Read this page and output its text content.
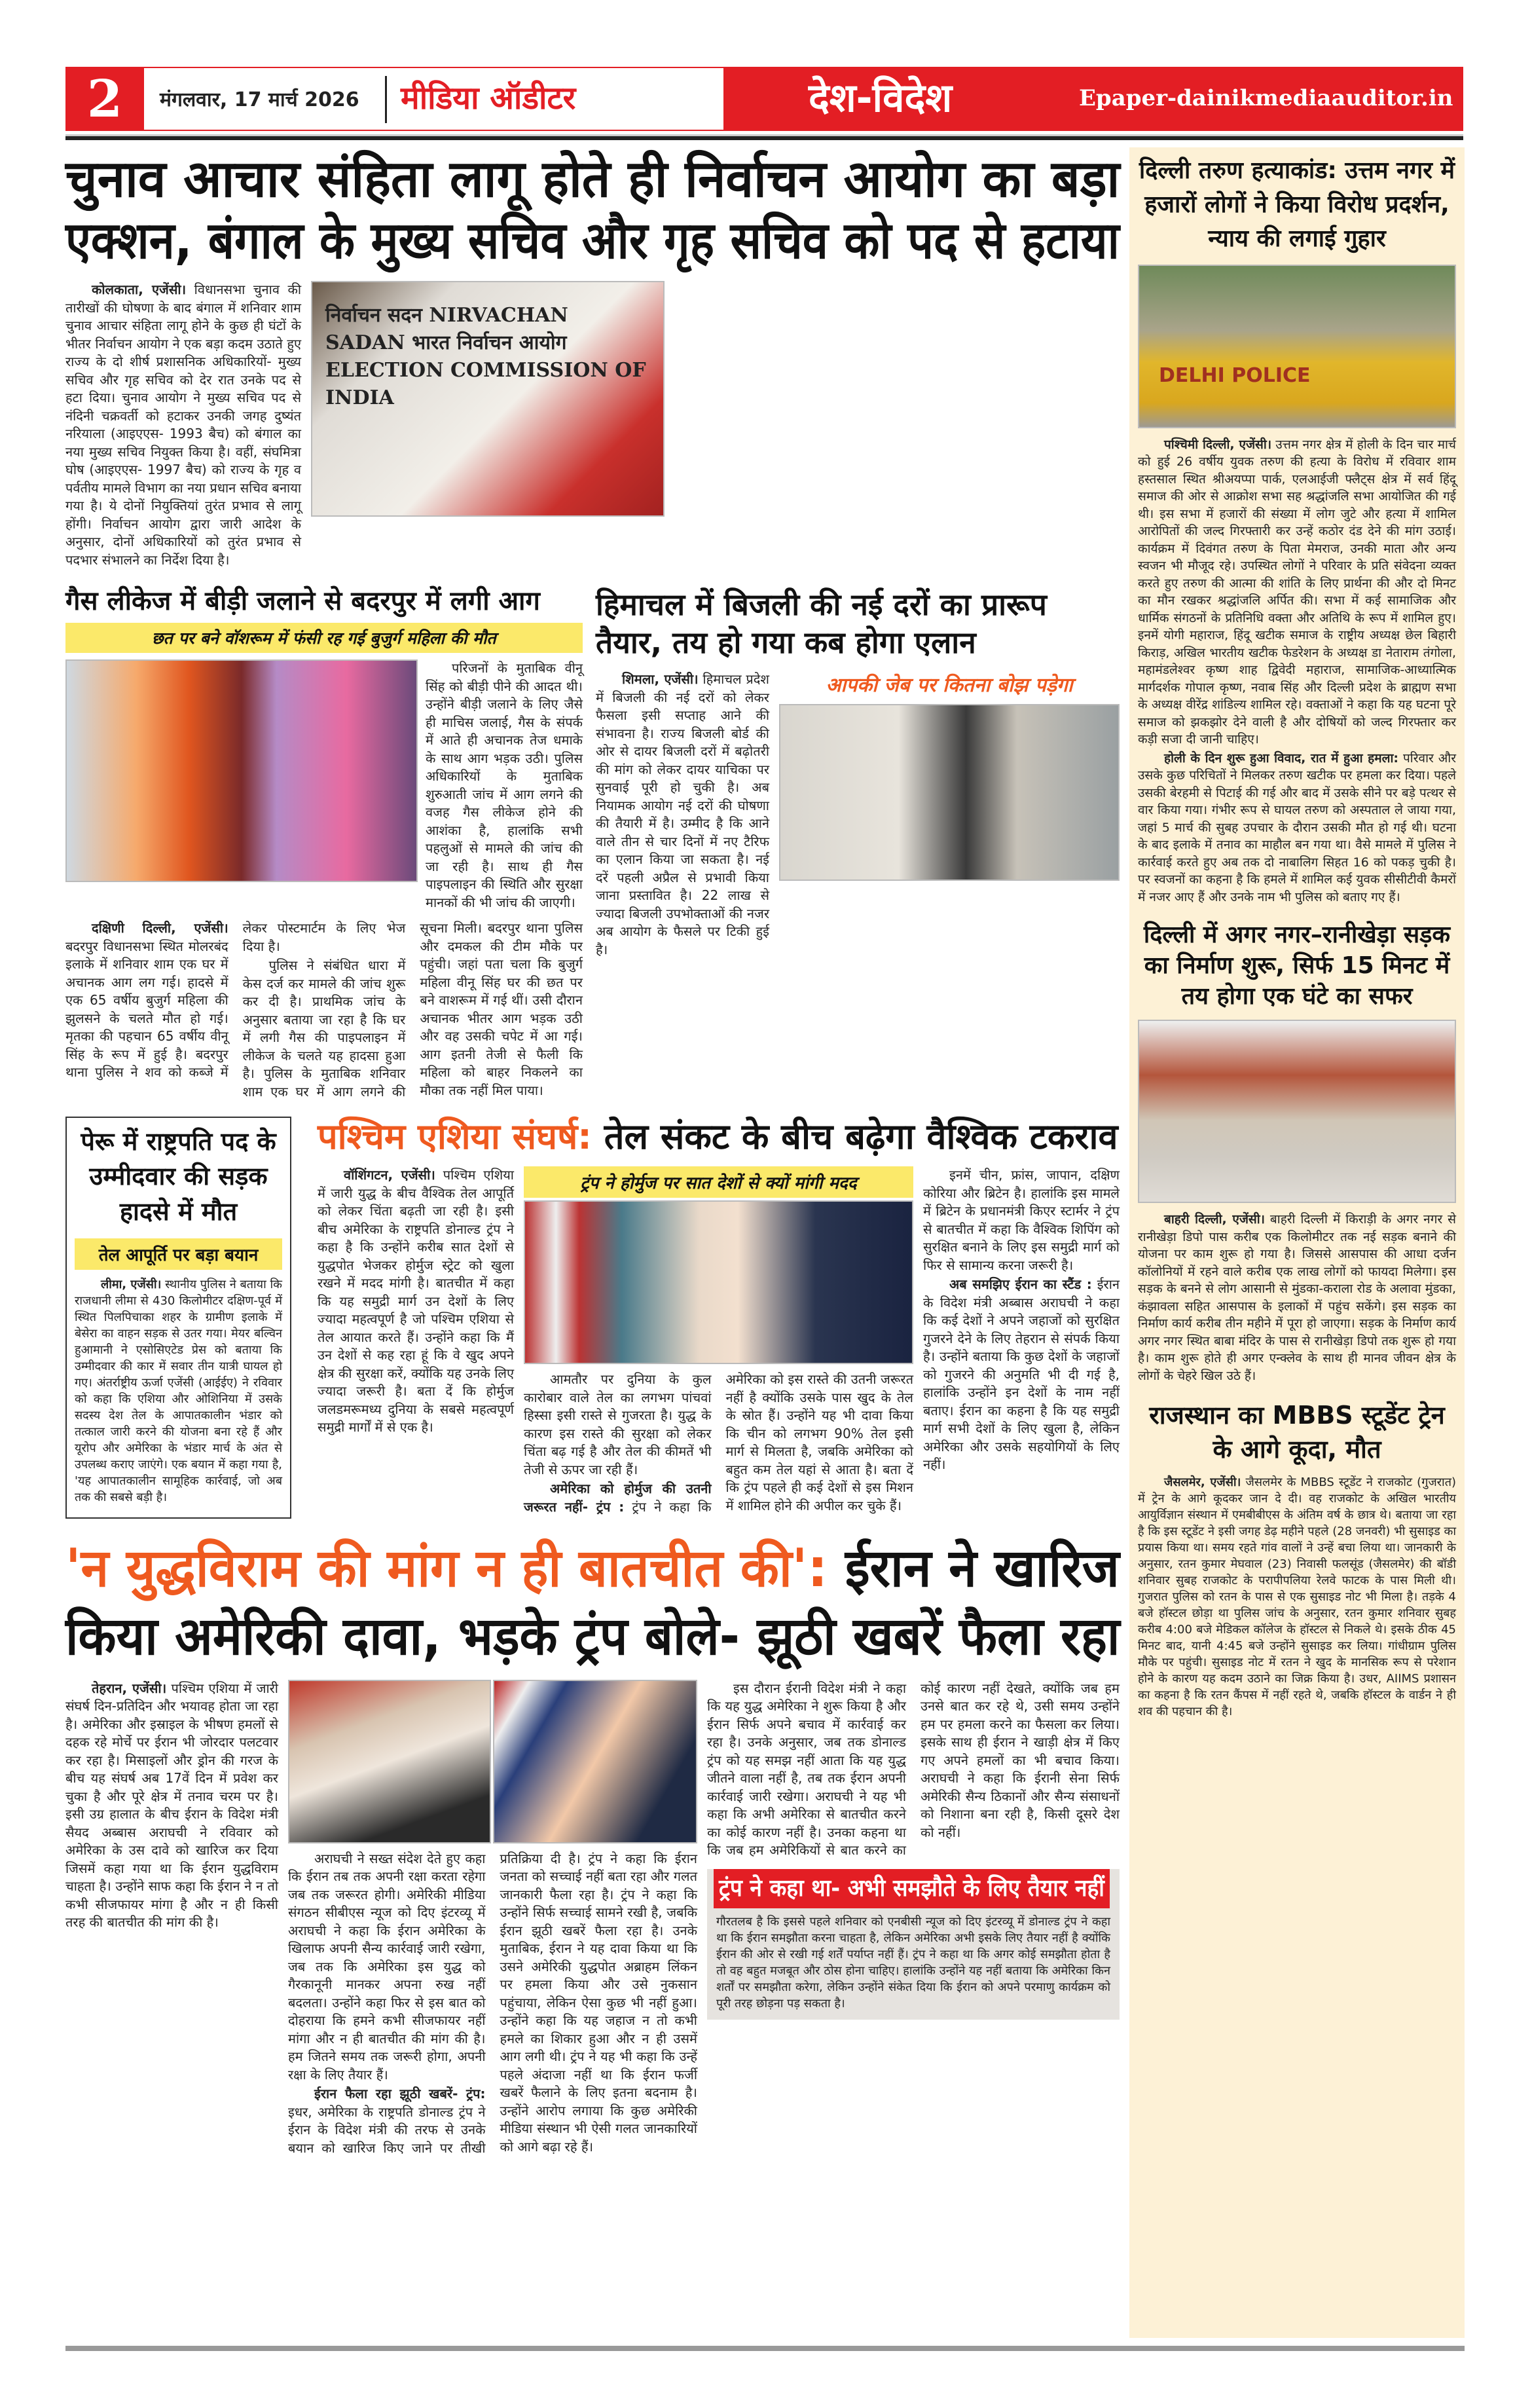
2	मंगलवार, 17 मार्च 2026	मीडिया ऑडीटर	देश-विदेश	Epaper-dainikmediaauditor.in
चुनाव आचार संहिता लागू होते ही निर्वाचन आयोग का बड़ा
एक्शन, बंगाल के मुख्य सचिव और गृह सचिव को पद से हटाया

कोलकाता, एजेंसी। विधानसभा चुनाव की तारीखों की घोषणा के बाद बंगाल में शनिवार शाम चुनाव आचार संहिता लागू होने के कुछ ही घंटों के भीतर निर्वाचन आयोग ने एक बड़ा कदम उठाते हुए राज्य के दो शीर्ष प्रशासनिक अधिकारियों- मुख्य सचिव और गृह सचिव को देर रात उनके पद से हटा दिया। चुनाव आयोग ने मुख्य सचिव पद से नंदिनी चक्रवर्ती को हटाकर उनकी जगह दुष्यंत नरियाला (आइएएस- 1993 बैच) को बंगाल का नया मुख्य सचिव नियुक्त किया है। वहीं, संघमित्रा घोष (आइएएस- 1997 बैच) को राज्य के गृह व पर्वतीय मामले विभाग का नया प्रधान सचिव बनाया गया है। ये दोनों नियुक्तियां तुरंत प्रभाव से लागू होंगी। निर्वाचन आयोग द्वारा जारी आदेश के अनुसार, दोनों अधिकारियों को तुरंत प्रभाव से पदभार संभालने का निर्देश दिया है।

निर्वाचन सदन NIRVACHAN SADAN भारत निर्वाचन आयोग ELECTION COMMISSION OF INDIA
गैस लीकेज में बीड़ी जलाने से बदरपुर में लगी आग
छत पर बने वॉशरूम में फंसी रह गई बुजुर्ग महिला की मौत

परिजनों के मुताबिक वीनू सिंह को बीड़ी पीने की आदत थी। उन्होंने बीड़ी जलाने के लिए जैसे ही माचिस जलाई, गैस के संपर्क में आते ही अचानक तेज धमाके के साथ आग भड़क उठी। पुलिस अधिकारियों के मुताबिक शुरुआती जांच में आग लगने की वजह गैस लीकेज होने की आशंका है, हालांकि सभी पहलुओं से मामले की जांच की जा रही है। साथ ही गैस पाइपलाइन की स्थिति और सुरक्षा मानकों की भी जांच की जाएगी।

दक्षिणी दिल्ली, एजेंसी। बदरपुर विधानसभा स्थित मोलरबंद इलाके में शनिवार शाम एक घर में अचानक आग लग गई। हादसे में एक 65 वर्षीय बुजुर्ग महिला की झुलसने के चलते मौत हो गई। मृतका की पहचान 65 वर्षीय वीनू सिंह के रूप में हुई है। बदरपुर थाना पुलिस ने शव को कब्जे में लेकर पोस्टमार्टम के लिए भेज दिया है।

पुलिस ने संबंधित धारा में केस दर्ज कर मामले की जांच शुरू कर दी है। प्राथमिक जांच के अनुसार बताया जा रहा है कि घर में लगी गैस की पाइपलाइन में लीकेज के चलते यह हादसा हुआ है। पुलिस के मुताबिक शनिवार शाम एक घर में आग लगने की सूचना मिली। बदरपुर थाना पुलिस और दमकल की टीम मौके पर पहुंची। जहां पता चला कि बुजुर्ग महिला वीनू सिंह घर की छत पर बने वाशरूम में गई थीं। उसी दौरान अचानक भीतर आग भड़क उठी और वह उसकी चपेट में आ गई। आग इतनी तेजी से फैली कि महिला को बाहर निकलने का मौका तक नहीं मिल पाया।

हिमाचल में बिजली की नई दरों का प्रारूप तैयार, तय हो गया कब होगा एलान

शिमला, एजेंसी। हिमाचल प्रदेश में बिजली की नई दरों को लेकर फैसला इसी सप्ताह आने की संभावना है। राज्य बिजली बोर्ड की ओर से दायर बिजली दरों में बढ़ोतरी की मांग को लेकर दायर याचिका पर सुनवाई पूरी हो चुकी है। अब नियामक आयोग नई दरों की घोषणा की तैयारी में है। उम्मीद है कि आने वाले तीन से चार दिनों में नए टैरिफ का एलान किया जा सकता है। नई दरें पहली अप्रैल से प्रभावी किया जाना प्रस्तावित है। 22 लाख से ज्यादा बिजली उपभोक्ताओं की नजर अब आयोग के फैसले पर टिकी हुई है।

आपकी जेब पर कितना बोझ पड़ेगा
पेरू में राष्ट्रपति पद के उम्मीदवार की सड़क हादसे में मौत
तेल आपूर्ति पर बड़ा बयान

लीमा, एजेंसी। स्थानीय पुलिस ने बताया कि राजधानी लीमा से 430 किलोमीटर दक्षिण-पूर्व में स्थित पिलपिचाका शहर के ग्रामीण इलाके में बेसेरा का वाहन सड़क से उतर गया। मेयर बल्विन हुआमानी ने एसोसिएटेड प्रेस को बताया कि उम्मीदवार की कार में सवार तीन यात्री घायल हो गए। अंतर्राष्ट्रीय ऊर्जा एजेंसी (आईईए) ने रविवार को कहा कि एशिया और ओशिनिया में उसके सदस्य देश तेल के आपातकालीन भंडार को तत्काल जारी करने की योजना बना रहे हैं और यूरोप और अमेरिका के भंडार मार्च के अंत से उपलब्ध कराए जाएंगे। एक बयान में कहा गया है, 'यह आपातकालीन सामूहिक कार्रवाई, जो अब तक की सबसे बड़ी है।

पश्चिम एशिया संघर्ष: तेल संकट के बीच बढ़ेगा वैश्विक टकराव

वॉशिंगटन, एजेंसी। पश्चिम एशिया में जारी युद्ध के बीच वैश्विक तेल आपूर्ति को लेकर चिंता बढ़ती जा रही है। इसी बीच अमेरिका के राष्ट्रपति डोनाल्ड ट्रंप ने कहा है कि उन्होंने करीब सात देशों से युद्धपोत भेजकर होर्मुज स्ट्रेट को खुला रखने में मदद मांगी है। बातचीत में कहा कि यह समुद्री मार्ग उन देशों के लिए ज्यादा महत्वपूर्ण है जो पश्चिम एशिया से तेल आयात करते हैं। उन्होंने कहा कि मैं उन देशों से कह रहा हूं कि वे खुद अपने क्षेत्र की सुरक्षा करें, क्योंकि यह उनके लिए ज्यादा जरूरी है। बता दें कि होर्मुज जलडमरूमध्य दुनिया के सबसे महत्वपूर्ण समुद्री मार्गों में से एक है।

ट्रंप ने होर्मुज पर सात देशों से क्यों मांगी मदद

आमतौर पर दुनिया के कुल कारोबार वाले तेल का लगभग पांचवां हिस्सा इसी रास्ते से गुजरता है। युद्ध के कारण इस रास्ते की सुरक्षा को लेकर चिंता बढ़ गई है और तेल की कीमतें भी तेजी से ऊपर जा रही हैं।

अमेरिका को होर्मुज की उतनी जरूरत नहीं- ट्रंप : ट्रंप ने कहा कि अमेरिका को इस रास्ते की उतनी जरूरत नहीं है क्योंकि उसके पास खुद के तेल के स्रोत हैं। उन्होंने यह भी दावा किया कि चीन को लगभग 90% तेल इसी मार्ग से मिलता है, जबकि अमेरिका को बहुत कम तेल यहां से आता है। बता दें कि ट्रंप पहले ही कई देशों से इस मिशन में शामिल होने की अपील कर चुके हैं।

इनमें चीन, फ्रांस, जापान, दक्षिण कोरिया और ब्रिटेन है। हालांकि इस मामले में ब्रिटेन के प्रधानमंत्री किएर स्टार्मर ने ट्रंप से बातचीत में कहा कि वैश्विक शिपिंग को सुरक्षित बनाने के लिए इस समुद्री मार्ग को फिर से सामान्य करना जरूरी है।

अब समझिए ईरान का स्टैंड : ईरान के विदेश मंत्री अब्बास अराघची ने कहा कि कई देशों ने अपने जहाजों को सुरक्षित गुजरने देने के लिए तेहरान से संपर्क किया है। उन्होंने बताया कि कुछ देशों के जहाजों को गुजरने की अनुमति भी दी गई है, हालांकि उन्होंने इन देशों के नाम नहीं बताए। ईरान का कहना है कि यह समुद्री मार्ग सभी देशों के लिए खुला है, लेकिन अमेरिका और उसके सहयोगियों के लिए नहीं।

'न युद्धविराम की मांग न ही बातचीत की': ईरान ने खारिज
किया अमेरिकी दावा, भड़के ट्रंप बोले- झूठी खबरें फैला रहा

तेहरान, एजेंसी। पश्चिम एशिया में जारी संघर्ष दिन-प्रतिदिन और भयावह होता जा रहा है। अमेरिका और इस्राइल के भीषण हमलों से दहक रहे मोर्चे पर ईरान भी जोरदार पलटवार कर रहा है। मिसाइलों और ड्रोन की गरज के बीच यह संघर्ष अब 17वें दिन में प्रवेश कर चुका है और पूरे क्षेत्र में तनाव चरम पर है। इसी उग्र हालात के बीच ईरान के विदेश मंत्री सैयद अब्बास अराघची ने रविवार को अमेरिका के उस दावे को खारिज कर दिया जिसमें कहा गया था कि ईरान युद्धविराम चाहता है। उन्होंने साफ कहा कि ईरान ने न तो कभी सीजफायर मांगा है और न ही किसी तरह की बातचीत की मांग की है।

अराघची ने सख्त संदेश देते हुए कहा कि ईरान तब तक अपनी रक्षा करता रहेगा जब तक जरूरत होगी। अमेरिकी मीडिया संगठन सीबीएस न्यूज को दिए इंटरव्यू में अराघची ने कहा कि ईरान अमेरिका के खिलाफ अपनी सैन्य कार्रवाई जारी रखेगा, जब तक कि अमेरिका इस युद्ध को गैरकानूनी मानकर अपना रुख नहीं बदलता। उन्होंने कहा फिर से इस बात को दोहराया कि हमने कभी सीजफायर नहीं मांगा और न ही बातचीत की मांग की है। हम जितने समय तक जरूरी होगा, अपनी रक्षा के लिए तैयार हैं।

ईरान फैला रहा झूठी खबरें- ट्रंप: इधर, अमेरिका के राष्ट्रपति डोनाल्ड ट्रंप ने ईरान के विदेश मंत्री की तरफ से उनके बयान को खारिज किए जाने पर तीखी प्रतिक्रिया दी है। ट्रंप ने कहा कि ईरान जनता को सच्चाई नहीं बता रहा और गलत जानकारी फैला रहा है। ट्रंप ने कहा कि उन्होंने सिर्फ सच्चाई सामने रखी है, जबकि ईरान झूठी खबरें फैला रहा है। उनके मुताबिक, ईरान ने यह दावा किया था कि उसने अमेरिकी युद्धपोत अब्राहम लिंकन पर हमला किया और उसे नुकसान पहुंचाया, लेकिन ऐसा कुछ भी नहीं हुआ। उन्होंने कहा कि यह जहाज न तो कभी हमले का शिकार हुआ और न ही उसमें आग लगी थी। ट्रंप ने यह भी कहा कि उन्हें पहले अंदाजा नहीं था कि ईरान फर्जी खबरें फैलाने के लिए इतना बदनाम है। उन्होंने आरोप लगाया कि कुछ अमेरिकी मीडिया संस्थान भी ऐसी गलत जानकारियों को आगे बढ़ा रहे हैं।

इस दौरान ईरानी विदेश मंत्री ने कहा कि यह युद्ध अमेरिका ने शुरू किया है और ईरान सिर्फ अपने बचाव में कार्रवाई कर रहा है। उनके अनुसार, जब तक डोनाल्ड ट्रंप को यह समझ नहीं आता कि यह युद्ध जीतने वाला नहीं है, तब तक ईरान अपनी कार्रवाई जारी रखेगा। अराघची ने यह भी कहा कि अभी अमेरिका से बातचीत करने का कोई कारण नहीं है। उनका कहना था कि जब हम अमेरिकियों से बात करने का कोई कारण नहीं देखते, क्योंकि जब हम उनसे बात कर रहे थे, उसी समय उन्होंने हम पर हमला करने का फैसला कर लिया। इसके साथ ही ईरान ने खाड़ी क्षेत्र में किए गए अपने हमलों का भी बचाव किया। अराघची ने कहा कि ईरानी सेना सिर्फ अमेरिकी सैन्य ठिकानों और सैन्य संसाधनों को निशाना बना रही है, किसी दूसरे देश को नहीं।

ट्रंप ने कहा था- अभी समझौते के लिए तैयार नहीं
गौरतलब है कि इससे पहले शनिवार को एनबीसी न्यूज को दिए इंटरव्यू में डोनाल्ड ट्रंप ने कहा था कि ईरान समझौता करना चाहता है, लेकिन अमेरिका अभी इसके लिए तैयार नहीं है क्योंकि ईरान की ओर से रखी गई शर्तें पर्याप्त नहीं हैं। ट्रंप ने कहा था कि अगर कोई समझौता होता है तो वह बहुत मजबूत और ठोस होना चाहिए। हालांकि उन्होंने यह नहीं बताया कि अमेरिका किन शर्तों पर समझौता करेगा, लेकिन उन्होंने संकेत दिया कि ईरान को अपने परमाणु कार्यक्रम को पूरी तरह छोड़ना पड़ सकता है।
दिल्ली तरुण हत्याकांड: उत्तम नगर में हजारों लोगों ने किया विरोध प्रदर्शन, न्याय की लगाई गुहार
DELHI POLICE

पश्चिमी दिल्ली, एजेंसी। उत्तम नगर क्षेत्र में होली के दिन चार मार्च को हुई 26 वर्षीय युवक तरुण की हत्या के विरोध में रविवार शाम हस्तसाल स्थित श्रीअयप्पा पार्क, एलआईजी फ्लैट्स क्षेत्र में सर्व हिंदू समाज की ओर से आक्रोश सभा सह श्रद्धांजलि सभा आयोजित की गई थी। इस सभा में हजारों की संख्या में लोग जुटे और हत्या में शामिल आरोपितों की जल्द गिरफ्तारी कर उन्हें कठोर दंड देने की मांग उठाई। कार्यक्रम में दिवंगत तरुण के पिता मेमराज, उनकी माता और अन्य स्वजन भी मौजूद रहे। उपस्थित लोगों ने परिवार के प्रति संवेदना व्यक्त करते हुए तरुण की आत्मा की शांति के लिए प्रार्थना की और दो मिनट का मौन रखकर श्रद्धांजलि अर्पित की। सभा में कई सामाजिक और धार्मिक संगठनों के प्रतिनिधि वक्ता और अतिथि के रूप में शामिल हुए। इनमें योगी महाराज, हिंदू खटीक समाज के राष्ट्रीय अध्यक्ष छेल बिहारी किराड़, अखिल भारतीय खटीक फेडरेशन के अध्यक्ष डा नेताराम तंगोला, महामंडलेश्वर कृष्ण शाह द्विवेदी महाराज, सामाजिक-आध्यात्मिक मार्गदर्शक गोपाल कृष्ण, नवाब सिंह और दिल्ली प्रदेश के ब्राह्मण सभा के अध्यक्ष वीरेंद्र शांडिल्य शामिल रहे। वक्ताओं ने कहा कि यह घटना पूरे समाज को झकझोर देने वाली है और दोषियों को जल्द गिरफ्तार कर कड़ी सजा दी जानी चाहिए।

होली के दिन शुरू हुआ विवाद, रात में हुआ हमला: परिवार और उसके कुछ परिचितों ने मिलकर तरुण खटीक पर हमला कर दिया। पहले उसकी बेरहमी से पिटाई की गई और बाद में उसके सीने पर बड़े पत्थर से वार किया गया। गंभीर रूप से घायल तरुण को अस्पताल ले जाया गया, जहां 5 मार्च की सुबह उपचार के दौरान उसकी मौत हो गई थी। घटना के बाद इलाके में तनाव का माहौल बन गया था। वैसे मामले में पुलिस ने कार्रवाई करते हुए अब तक दो नाबालिग सिहत 16 को पकड़ चुकी है। पर स्वजनों का कहना है कि हमले में शामिल कई युवक सीसीटीवी कैमरों में नजर आए हैं और उनके नाम भी पुलिस को बताए गए हैं।

दिल्ली में अगर नगर–रानीखेड़ा सड़क का निर्माण शुरू, सिर्फ 15 मिनट में तय होगा एक घंटे का सफर

बाहरी दिल्ली, एजेंसी। बाहरी दिल्ली में किराड़ी के अगर नगर से रानीखेड़ा डिपो पास करीब एक किलोमीटर तक नई सड़क बनाने की योजना पर काम शुरू हो गया है। जिससे आसपास की आधा दर्जन कॉलोनियों में रहने वाले करीब एक लाख लोगों को फायदा मिलेगा। इस सड़क के बनने से लोग आसानी से मुंडका-कराला रोड के अलावा मुंडका, कंझावला सहित आसपास के इलाकों में पहुंच सकेंगे। इस सड़क का निर्माण कार्य करीब तीन महीने में पूरा हो जाएगा। सड़क के निर्माण कार्य अगर नगर स्थित बाबा मंदिर के पास से रानीखेड़ा डिपो तक शुरू हो गया है। काम शुरू होते ही अगर एन्क्लेव के साथ ही मानव जीवन क्षेत्र के लोगों के चेहरे खिल उठे हैं।

राजस्थान का MBBS स्टूडेंट ट्रेन के आगे कूदा, मौत

जैसलमेर, एजेंसी। जैसलमेर के MBBS स्टूडेंट ने राजकोट (गुजरात) में ट्रेन के आगे कूदकर जान दे दी। वह राजकोट के अखिल भारतीय आयुर्विज्ञान संस्थान में एमबीबीएस के अंतिम वर्ष के छात्र थे। बताया जा रहा है कि इस स्टूडेंट ने इसी जगह डेढ़ महीने पहले (28 जनवरी) भी सुसाइड का प्रयास किया था। समय रहते गांव वालों ने उन्हें बचा लिया था। जानकारी के अनुसार, रतन कुमार मेघवाल (23) निवासी फलसूंड (जैसलमेर) की बॉडी शनिवार सुबह राजकोट के परापीपलिया रेलवे फाटक के पास मिली थी। गुजरात पुलिस को रतन के पास से एक सुसाइड नोट भी मिला है। तड़के 4 बजे हॉस्टल छोड़ा था पुलिस जांच के अनुसार, रतन कुमार शनिवार सुबह करीब 4:00 बजे मेडिकल कॉलेज के हॉस्टल से निकले थे। इसके ठीक 45 मिनट बाद, यानी 4:45 बजे उन्होंने सुसाइड कर लिया। गांधीग्राम पुलिस मौके पर पहुंची। सुसाइड नोट में रतन ने खुद के मानसिक रूप से परेशान होने के कारण यह कदम उठाने का जिक्र किया है। उधर, AIIMS प्रशासन का कहना है कि रतन कैंपस में नहीं रहते थे, जबकि हॉस्टल के वार्डन ने ही शव की पहचान की है।
